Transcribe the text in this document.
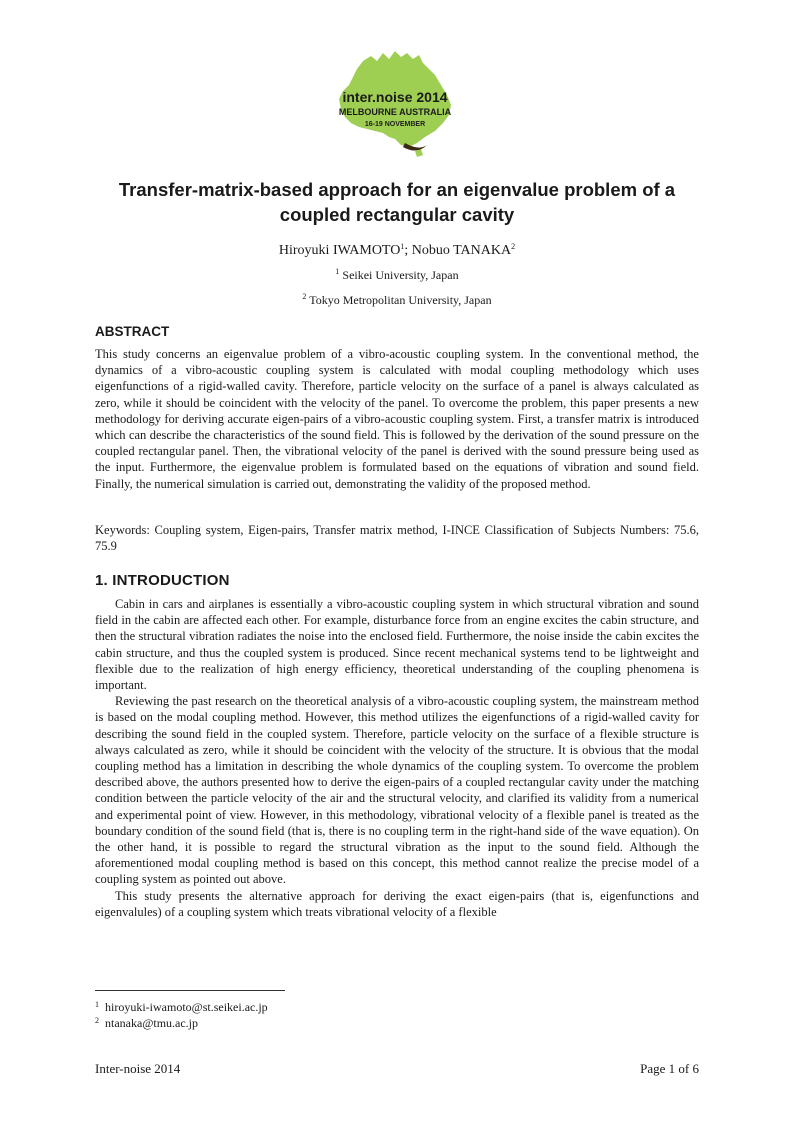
inter.noise 2014
MELBOURNE AUSTRALIA
16-19 NOVEMBER
Transfer-matrix-based approach for an eigenvalue problem of a
coupled rectangular cavity
Hiroyuki IWAMOTO$^1$; Nobuo TANAKA$^2$
$^1$ Seikei University, Japan
$^2$ Tokyo Metropolitan University, Japan
ABSTRACT

This study concerns an eigenvalue problem of a vibro-acoustic coupling system. In the conventional method, the dynamics of a vibro-acoustic coupling system is calculated with modal coupling methodology which uses eigenfunctions of a rigid-walled cavity. Therefore, particle velocity on the surface of a panel is always calculated as zero, while it should be coincident with the velocity of the panel. To overcome the problem, this paper presents a new methodology for deriving accurate eigen-pairs of a vibro-acoustic coupling system. First, a transfer matrix is introduced which can describe the characteristics of the sound field. This is followed by the derivation of the sound pressure on the coupled rectangular panel. Then, the vibrational velocity of the panel is derived with the sound pressure being used as the input. Furthermore, the eigenvalue problem is formulated based on the equations of vibration and sound field. Finally, the numerical simulation is carried out, demonstrating the validity of the proposed method.

Keywords: Coupling system, Eigen-pairs, Transfer matrix method, I-INCE Classification of Subjects Numbers: 75.6, 75.9
1. INTRODUCTION

Cabin in cars and airplanes is essentially a vibro-acoustic coupling system in which structural vibration and sound field in the cabin are affected each other. For example, disturbance force from an engine excites the cabin structure, and then the structural vibration radiates the noise into the enclosed field. Furthermore, the noise inside the cabin excites the cabin structure, and thus the coupled system is produced. Since recent mechanical systems tend to be lightweight and flexible due to the realization of high energy efficiency, theoretical understanding of the coupling phenomena is important.

Reviewing the past research on the theoretical analysis of a vibro-acoustic coupling system, the mainstream method is based on the modal coupling method. However, this method utilizes the eigenfunctions of a rigid-walled cavity for describing the sound field in the coupled system. Therefore, particle velocity on the surface of a flexible structure is always calculated as zero, while it should be coincident with the velocity of the structure. It is obvious that the modal coupling method has a limitation in describing the whole dynamics of the coupling system. To overcome the problem described above, the authors presented how to derive the eigen-pairs of a coupled rectangular cavity under the matching condition between the particle velocity of the air and the structural velocity, and clarified its validity from a numerical and experimental point of view. However, in this methodology, vibrational velocity of a flexible panel is treated as the boundary condition of the sound field (that is, there is no coupling term in the right-hand side of the wave equation). On the other hand, it is possible to regard the structural vibration as the input to the sound field. Although the aforementioned modal coupling method is based on this concept, this method cannot realize the precise model of a coupling system as pointed out above.

This study presents the alternative approach for deriving the exact eigen-pairs (that is, eigenfunctions and eigenvalules) of a coupling system which treats vibrational velocity of a flexible

$^1$ hiroyuki-iwamoto@st.seikei.ac.jp
$^2$ ntanaka@tmu.ac.jp
Inter-noise 2014	Page 1 of 6
